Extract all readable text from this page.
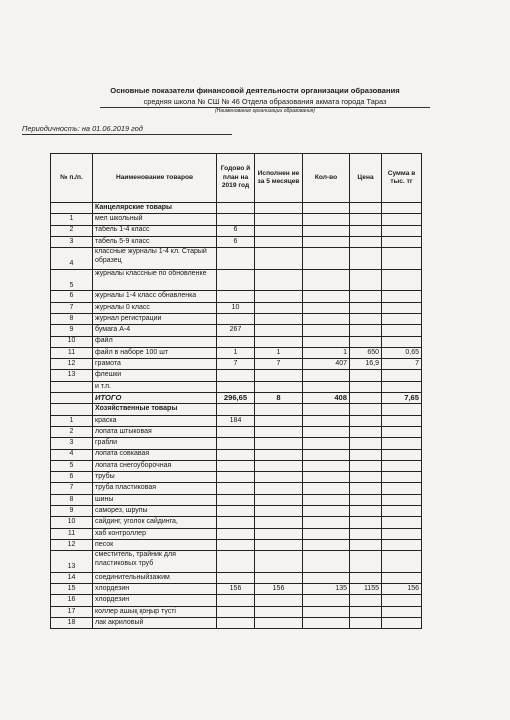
Основные показатели финансовой деятельности организации образования
средняя школа № СШ № 46 Отдела образования акмата города Тараз
(Наименование организации образования)
Периодичность: на 01.06.2019 год
№ п./п.	Наименование товаров	Годово й план на 2019 год	Исполнен ие за 5 месяцев	Кол-во	Цена	Сумма в тыс. тг
	Канцелярские товары					
1	мел школьный					
2	табель 1-4 класс	6				
3	табель 5-9 класс	6				
4	классные журналы 1-4 кл. Старый образец					
5	журналы классные по обновленке					
6	журналы 1-4 класс обнавленка					
7	журналы 0 класс	10				
8	журнал регистрации					
9	бумага А-4	267				
10	файл					
11	файл в наборе 100 шт	1	1	1	650	0,65
12	грамота	7	7	407	16,9	7
13	флешки					
	и т.п.					
	ИТОГО	296,65	8	408		7,65
	Хозяйственные товары					
1	краска	184				
2	лопата штыковая					
3	грабли					
4	лопата совкавая					
5	лопата снегоуборочная					
6	трубы					
7	труба пластиковая					
8	шины					
9	саморез, шрупы					
10	сайдинг, уголок сайдинга,					
11	хаб контроллер					
12	песок					
13	сместитель, трайник для пластиковых труб					
14	соединительныйзажим					
15	хлордезин	156	156	135	1155	156
16	хлордезин					
17	коллер ашық қоңыр түсті					
18	лак акриловый					
